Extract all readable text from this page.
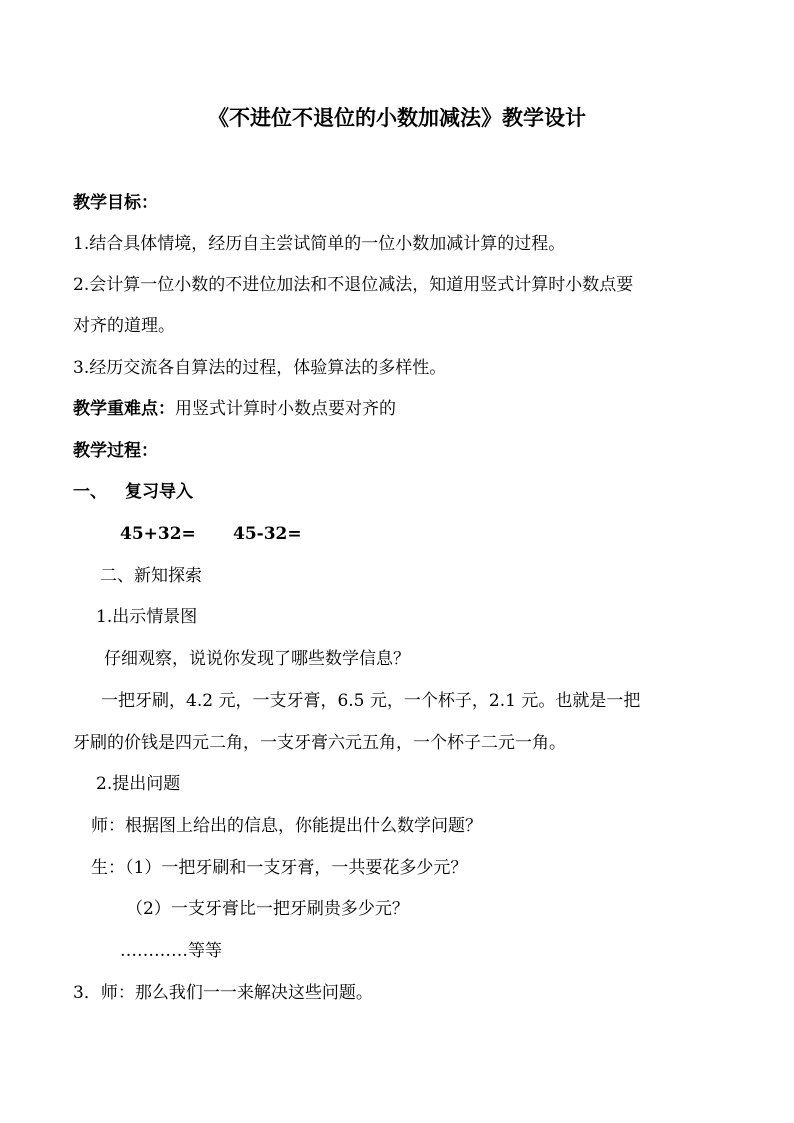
《不进位不退位的小数加减法》教学设计
教学目标：
1.结合具体情境，经历自主尝试简单的一位小数加减计算的过程。
2.会计算一位小数的不进位加法和不退位减法，知道用竖式计算时小数点要
对齐的道理。
3.经历交流各自算法的过程，体验算法的多样性。
教学重难点：用竖式计算时小数点要对齐的
教学过程：
一、 复习导入
45+32= 45-32=
二、新知探索
1.出示情景图
仔细观察，说说你发现了哪些数学信息？
一把牙刷，4.2 元，一支牙膏，6.5 元，一个杯子，2.1 元。也就是一把
牙刷的价钱是四元二角，一支牙膏六元五角，一个杯子二元一角。
2.提出问题
师：根据图上给出的信息，你能提出什么数学问题？
生：（1）一把牙刷和一支牙膏，一共要花多少元？
（2）一支牙膏比一把牙刷贵多少元？
…………等等
3．师：那么我们一一来解决这些问题。
